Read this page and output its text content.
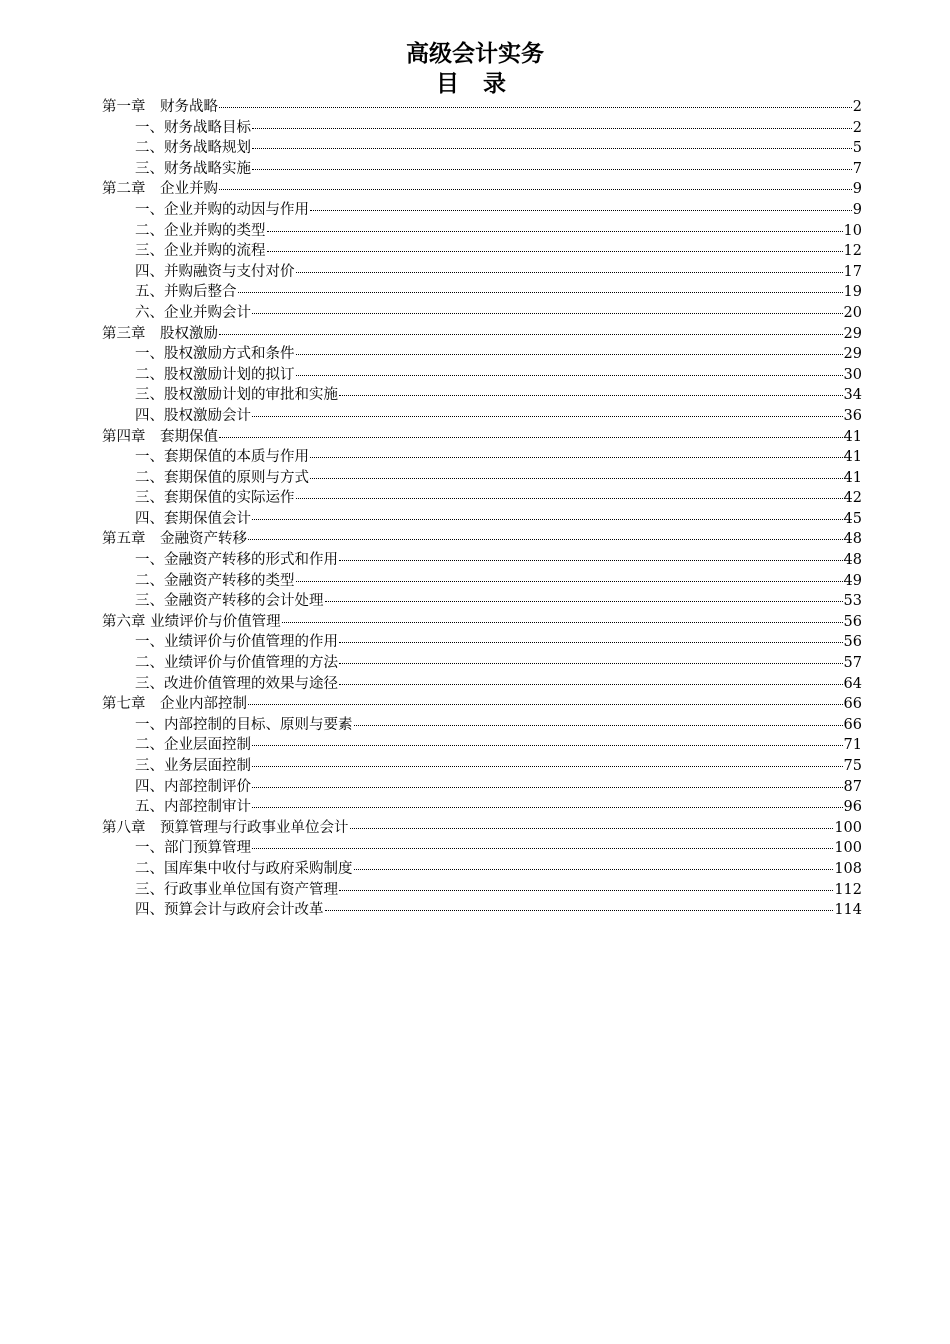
高级会计实务
目 录
第一章　财务战略	2
一、财务战略目标	2
二、财务战略规划	5
三、财务战略实施	7
第二章　企业并购	9
一、企业并购的动因与作用	9
二、企业并购的类型	10
三、企业并购的流程	12
四、并购融资与支付对价	17
五、并购后整合	19
六、企业并购会计	20
第三章　股权激励	29
一、股权激励方式和条件	29
二、股权激励计划的拟订	30
三、股权激励计划的审批和实施	34
四、股权激励会计	36
第四章　套期保值	41
一、套期保值的本质与作用	41
二、套期保值的原则与方式	41
三、套期保值的实际运作	42
四、套期保值会计	45
第五章　金融资产转移	48
一、金融资产转移的形式和作用	48
二、金融资产转移的类型	49
三、金融资产转移的会计处理	53
第六章 业绩评价与价值管理	56
一、业绩评价与价值管理的作用	56
二、业绩评价与价值管理的方法	57
三、改进价值管理的效果与途径	64
第七章　企业内部控制	66
一、内部控制的目标、原则与要素	66
二、企业层面控制	71
三、业务层面控制	75
四、内部控制评价	87
五、内部控制审计	96
第八章　预算管理与行政事业单位会计	100
一、部门预算管理	100
二、国库集中收付与政府采购制度	108
三、行政事业单位国有资产管理	112
四、预算会计与政府会计改革	114
